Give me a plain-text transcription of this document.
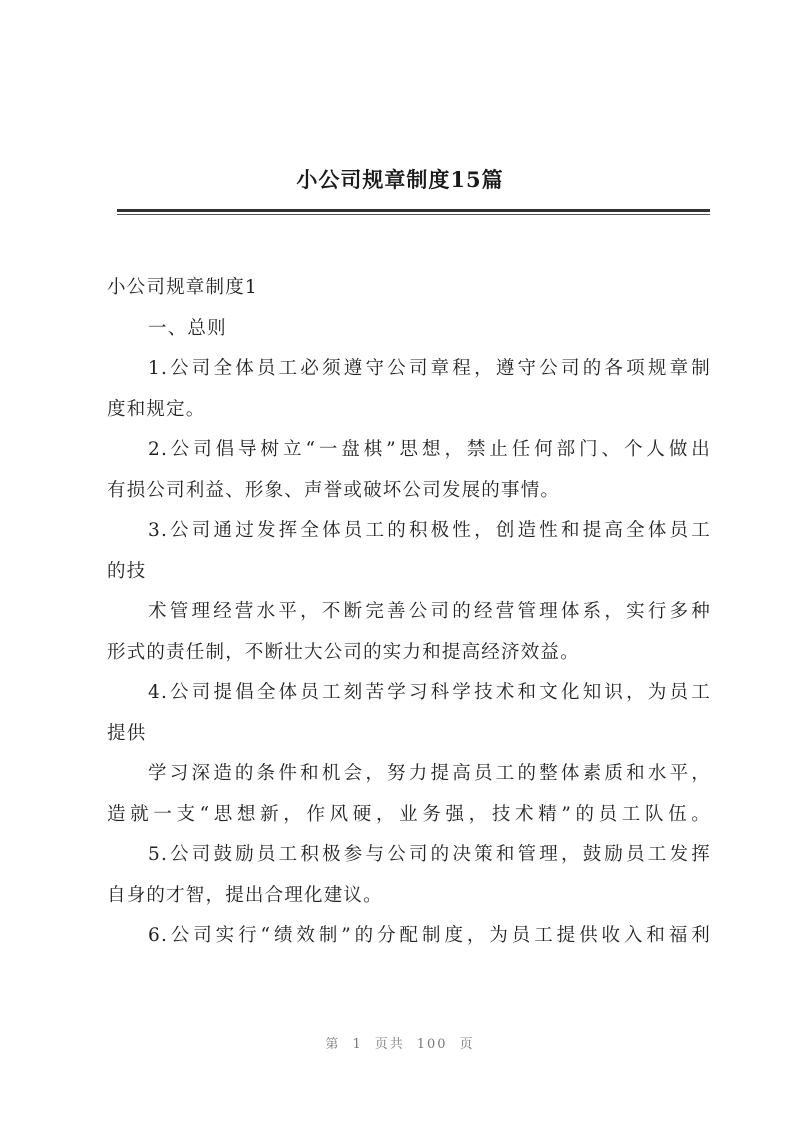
小公司规章制度15篇
小公司规章制度1
一、总则
1.公司全体员工必须遵守公司章程，遵守公司的各项规章制
度和规定。
2.公司倡导树立“一盘棋”思想，禁止任何部门、个人做出
有损公司利益、形象、声誉或破坏公司发展的事情。
3.公司通过发挥全体员工的积极性，创造性和提高全体员工
的技
术管理经营水平，不断完善公司的经营管理体系，实行多种
形式的责任制，不断壮大公司的实力和提高经济效益。
4.公司提倡全体员工刻苦学习科学技术和文化知识，为员工
提供
学习深造的条件和机会，努力提高员工的整体素质和水平，
造就一支“思想新，作风硬，业务强，技术精”的员工队伍。
5.公司鼓励员工积极参与公司的决策和管理，鼓励员工发挥
自身的才智，提出合理化建议。
6.公司实行“绩效制”的分配制度，为员工提供收入和福利
第 1 页共 100 页
